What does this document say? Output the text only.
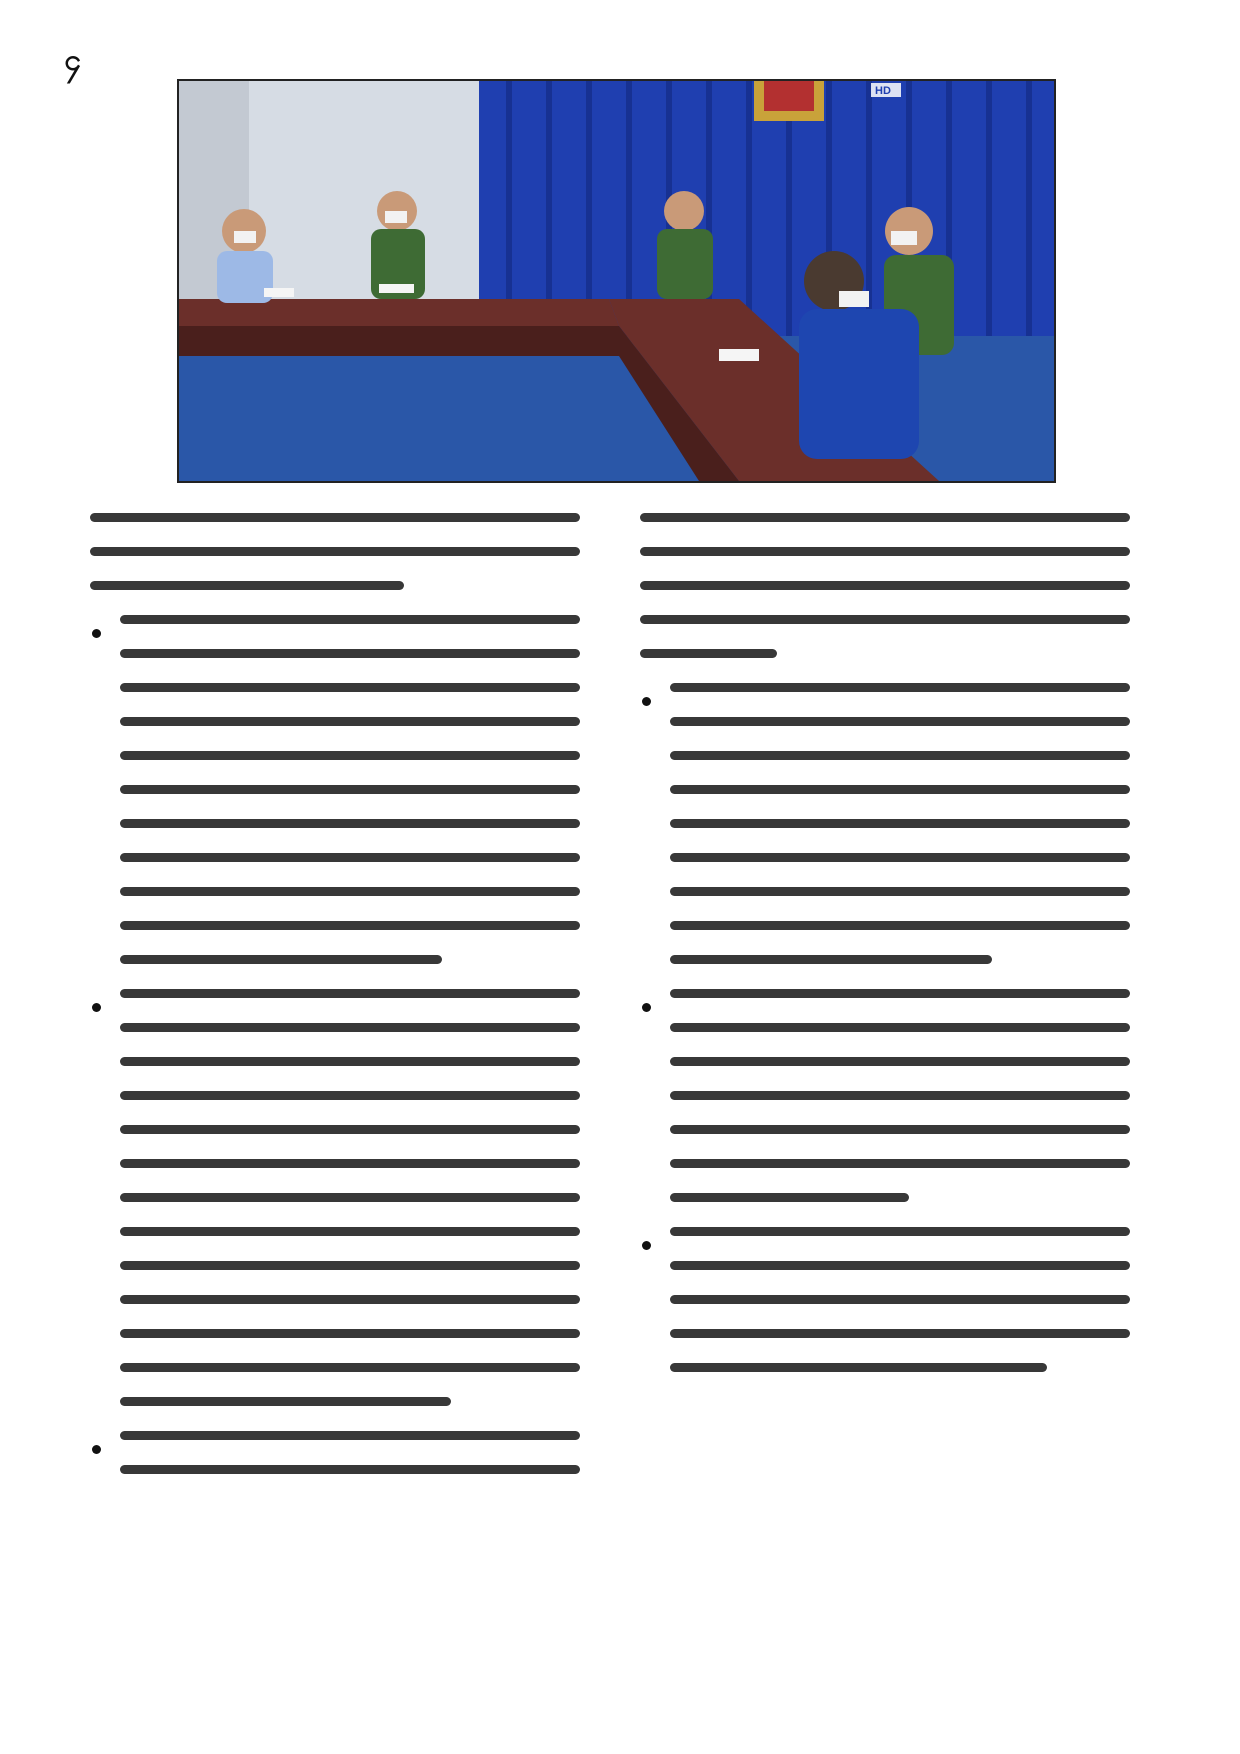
၄
HD
